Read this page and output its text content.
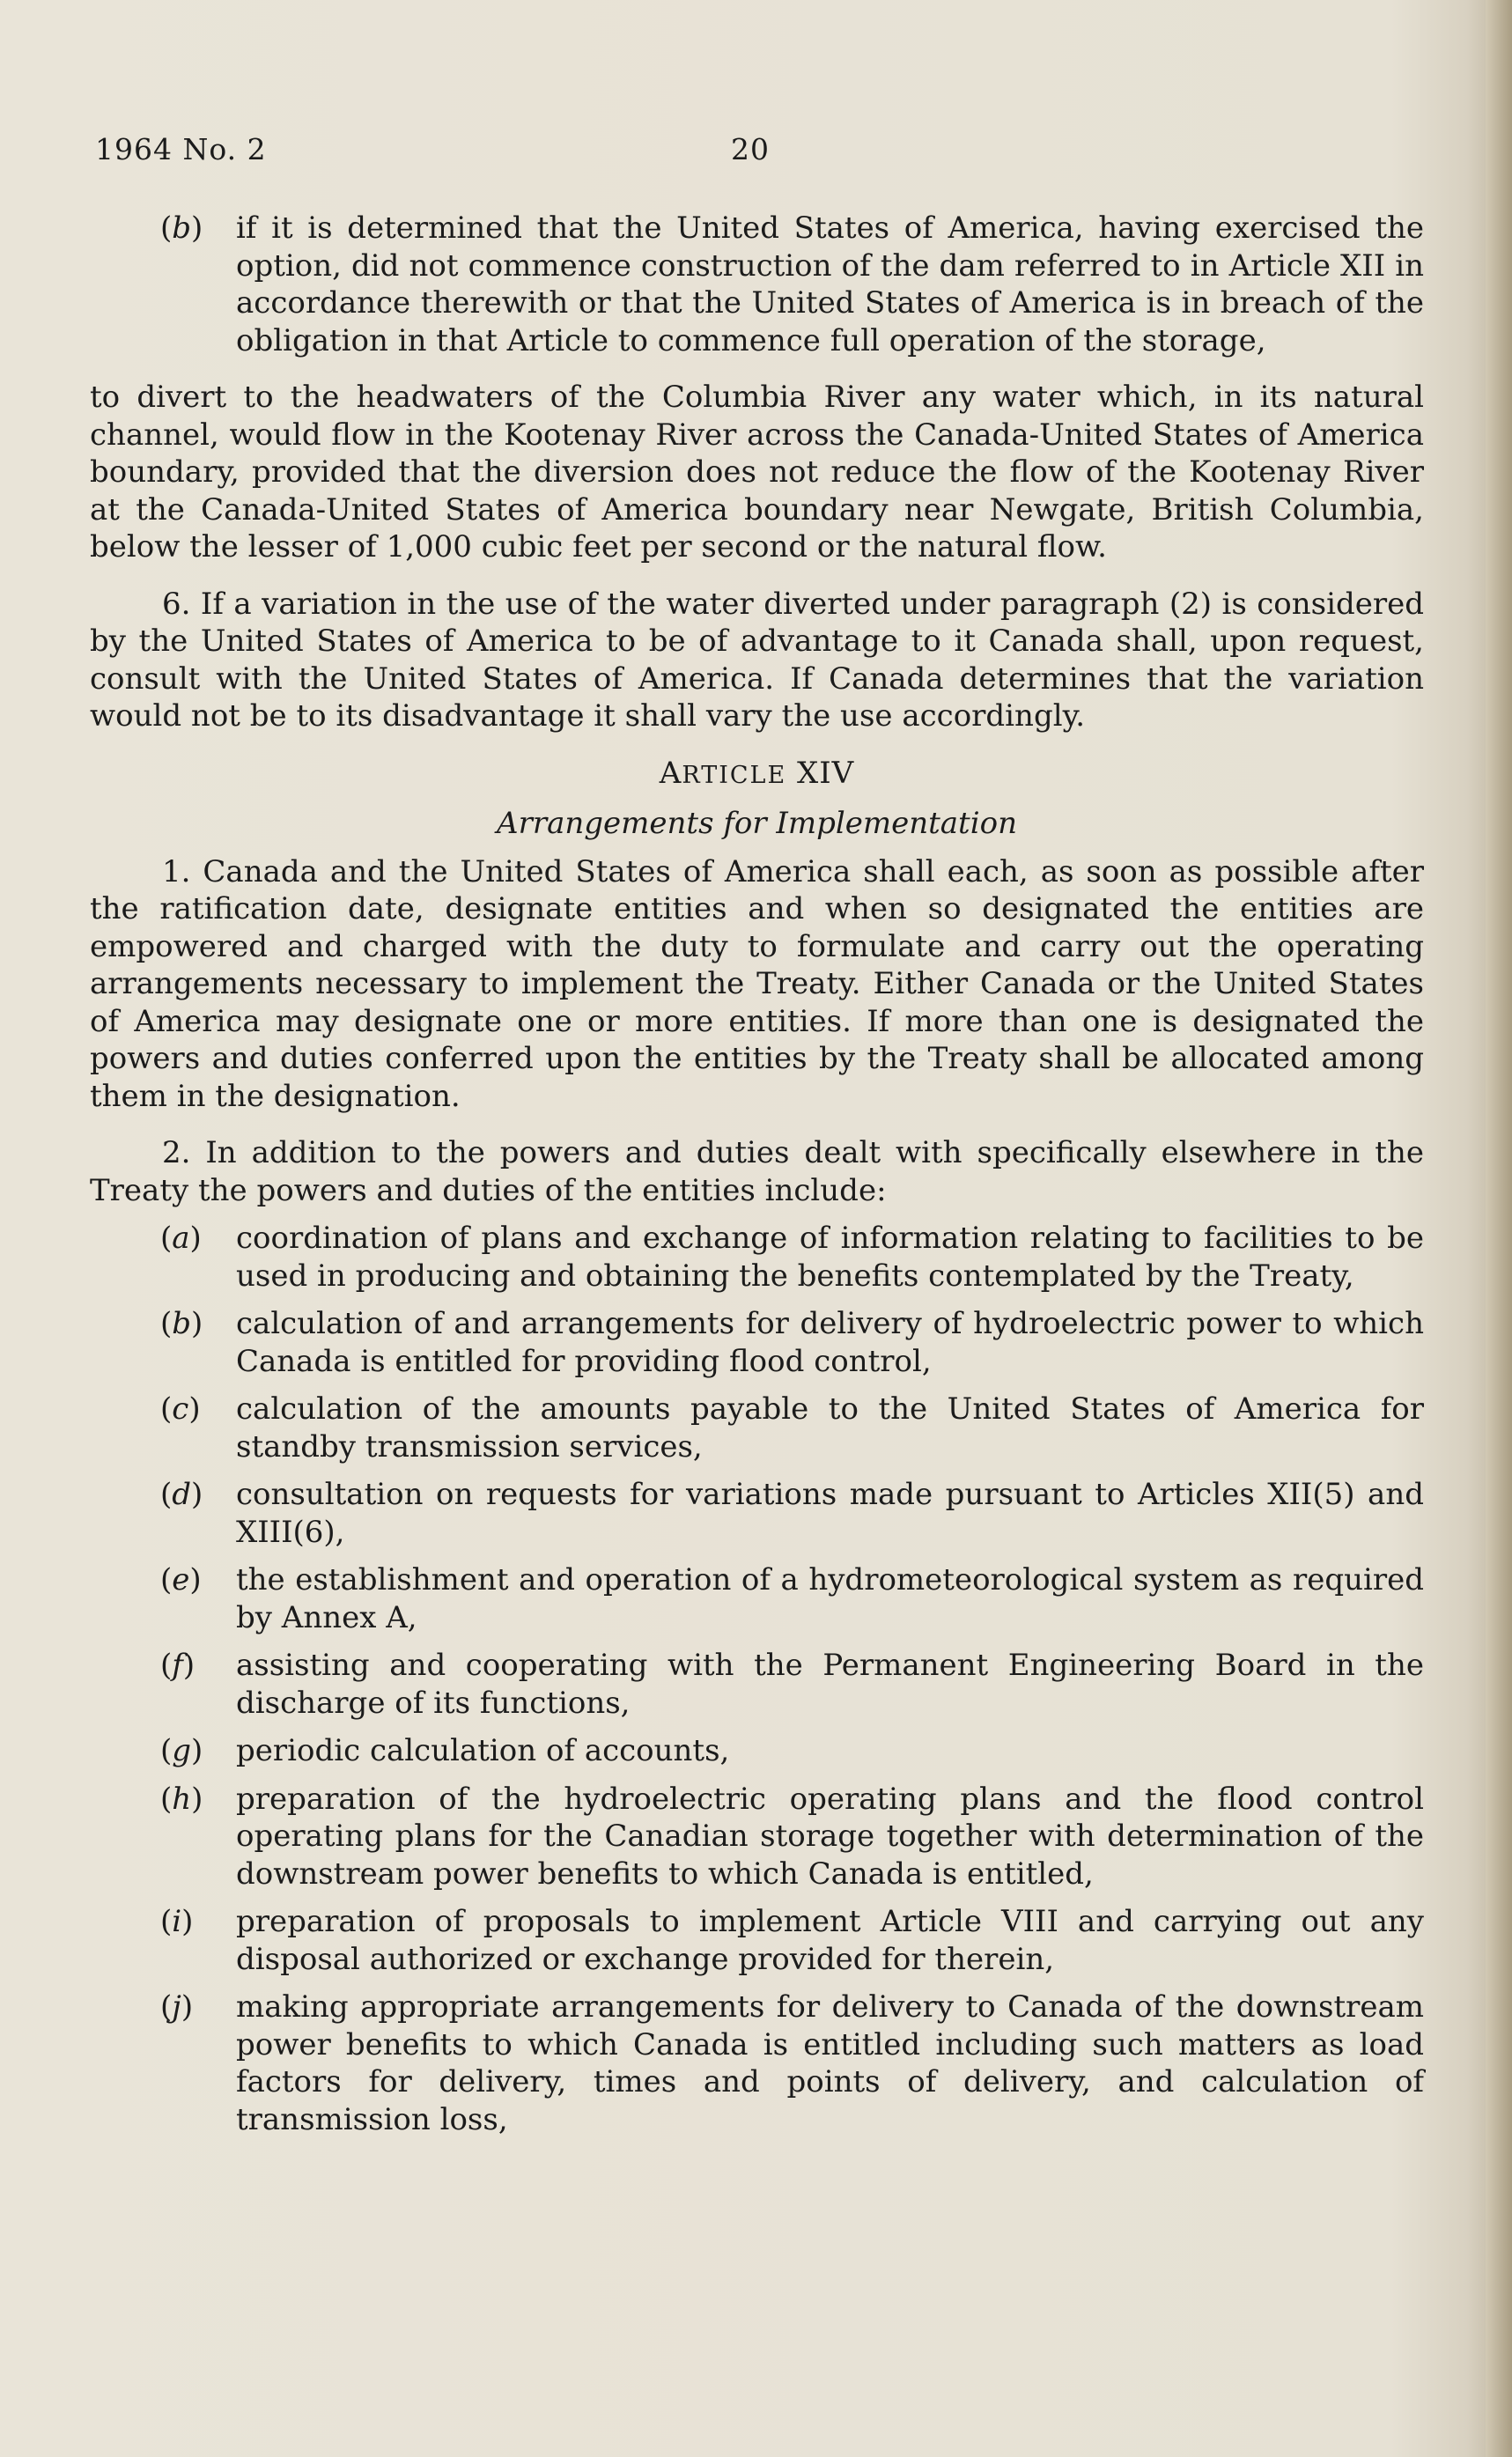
1964 No. 2	20

(b) if it is determined that the United States of America, having exercised the option, did not commence construction of the dam referred to in Article XII in accordance therewith or that the United States of America is in breach of the obligation in that Article to commence full operation of the storage,

to divert to the headwaters of the Columbia River any water which, in its natural channel, would flow in the Kootenay River across the Canada-United States of America boundary, provided that the diversion does not reduce the flow of the Kootenay River at the Canada-United States of America boundary near Newgate, British Columbia, below the lesser of 1,000 cubic feet per second or the natural flow.

6. If a variation in the use of the water diverted under paragraph (2) is considered by the United States of America to be of advantage to it Canada shall, upon request, consult with the United States of America. If Canada determines that the variation would not be to its disadvantage it shall vary the use accordingly.

ARTICLE XIV

Arrangements for Implementation

1. Canada and the United States of America shall each, as soon as possible after the ratification date, designate entities and when so designated the entities are empowered and charged with the duty to formulate and carry out the operating arrangements necessary to implement the Treaty. Either Canada or the United States of America may designate one or more entities. If more than one is designated the powers and duties conferred upon the entities by the Treaty shall be allocated among them in the designation.

2. In addition to the powers and duties dealt with specifically elsewhere in the Treaty the powers and duties of the entities include:

(a) coordination of plans and exchange of information relating to facilities to be used in producing and obtaining the benefits contemplated by the Treaty,

(b) calculation of and arrangements for delivery of hydroelectric power to which Canada is entitled for providing flood control,

(c) calculation of the amounts payable to the United States of America for standby transmission services,

(d) consultation on requests for variations made pursuant to Articles XII(5) and XIII(6),

(e) the establishment and operation of a hydrometeorological system as required by Annex A,

(f) assisting and cooperating with the Permanent Engineering Board in the discharge of its functions,

(g) periodic calculation of accounts,

(h) preparation of the hydroelectric operating plans and the flood control operating plans for the Canadian storage together with determination of the downstream power benefits to which Canada is entitled,

(i) preparation of proposals to implement Article VIII and carrying out any disposal authorized or exchange provided for therein,

(j) making appropriate arrangements for delivery to Canada of the downstream power benefits to which Canada is entitled including such matters as load factors for delivery, times and points of delivery, and calculation of transmission loss,
